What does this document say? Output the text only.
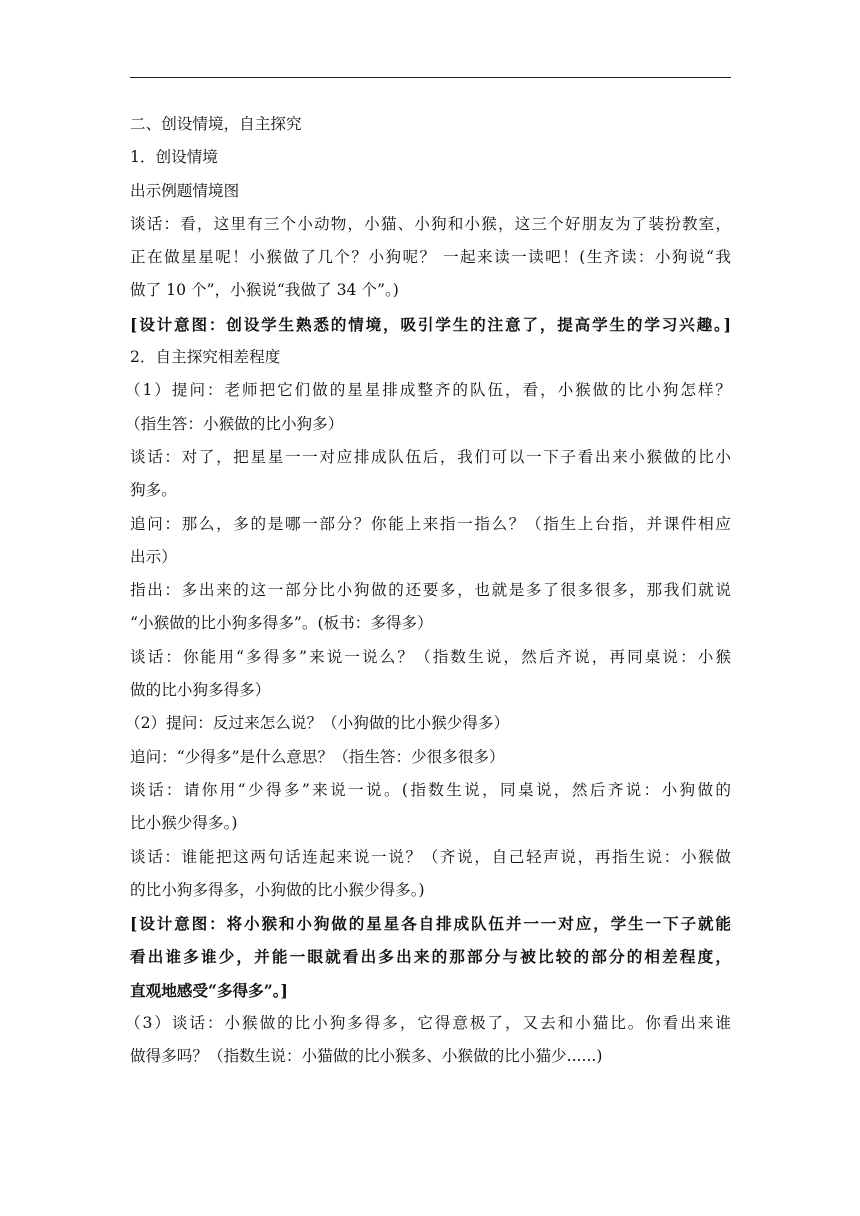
二、创设情境，自主探究
1．创设情境
出示例题情境图
谈话：看，这里有三个小动物，小猫、小狗和小猴，这三个好朋友为了装扮教室，
正在做星星呢！小猴做了几个？小狗呢？ 一起来读一读吧！(生齐读：小狗说“我
做了 10 个”，小猴说“我做了 34 个”。)
[设计意图：创设学生熟悉的情境，吸引学生的注意了，提高学生的学习兴趣。]
2．自主探究相差程度
（1）提问：老师把它们做的星星排成整齐的队伍，看，小猴做的比小狗怎样？
（指生答：小猴做的比小狗多）
谈话：对了，把星星一一对应排成队伍后，我们可以一下子看出来小猴做的比小
狗多。
追问：那么，多的是哪一部分？你能上来指一指么？（指生上台指，并课件相应
出示）
指出：多出来的这一部分比小狗做的还要多，也就是多了很多很多，那我们就说
“小猴做的比小狗多得多”。(板书：多得多）
谈话：你能用“多得多”来说一说么？（指数生说，然后齐说，再同桌说：小猴
做的比小狗多得多）
（2）提问：反过来怎么说？（小狗做的比小猴少得多）
追问：“少得多”是什么意思？（指生答：少很多很多）
谈话：请你用“少得多”来说一说。(指数生说，同桌说，然后齐说：小狗做的
比小猴少得多。)
谈话：谁能把这两句话连起来说一说？（齐说，自己轻声说，再指生说：小猴做
的比小狗多得多，小狗做的比小猴少得多。)
[设计意图：将小猴和小狗做的星星各自排成队伍并一一对应，学生一下子就能
看出谁多谁少，并能一眼就看出多出来的那部分与被比较的部分的相差程度，
直观地感受“多得多”。]
（3）谈话：小猴做的比小狗多得多，它得意极了，又去和小猫比。你看出来谁
做得多吗？（指数生说：小猫做的比小猴多、小猴做的比小猫少......)
